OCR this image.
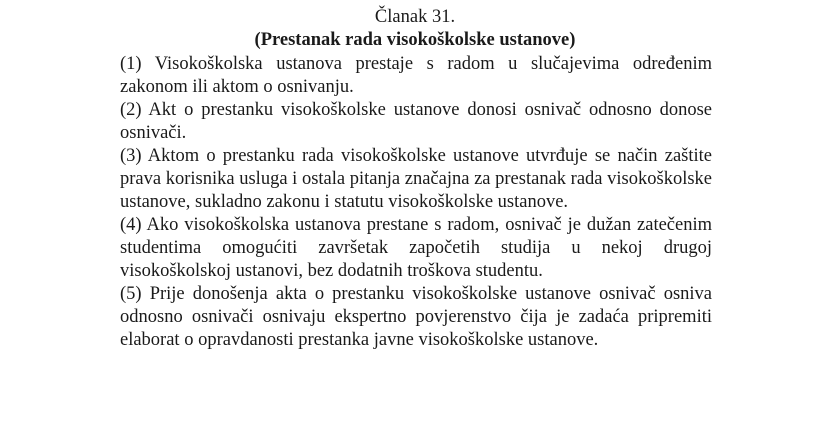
Članak 31.
(Prestanak rada visokoškolske ustanove)

(1) Visokoškolska ustanova prestaje s radom u slučajevima određenim zakonom ili aktom o osnivanju.

(2) Akt o prestanku visokoškolske ustanove donosi osnivač odnosno donose osnivači.

(3) Aktom o prestanku rada visokoškolske ustanove utvrđuje se način zaštite prava korisnika usluga i ostala pitanja značajna za prestanak rada visokoškolske ustanove, sukladno zakonu i statutu visokoškolske ustanove.

(4) Ako visokoškolska ustanova prestane s radom, osnivač je dužan zatečenim studentima omogućiti završetak započetih studija u nekoj drugoj visokoškolskoj ustanovi, bez dodatnih troškova studentu.

(5) Prije donošenja akta o prestanku visokoškolske ustanove osnivač osniva odnosno osnivači osnivaju ekspertno povjerenstvo čija je zadaća pripremiti elaborat o opravdanosti prestanka javne visokoškolske ustanove.
